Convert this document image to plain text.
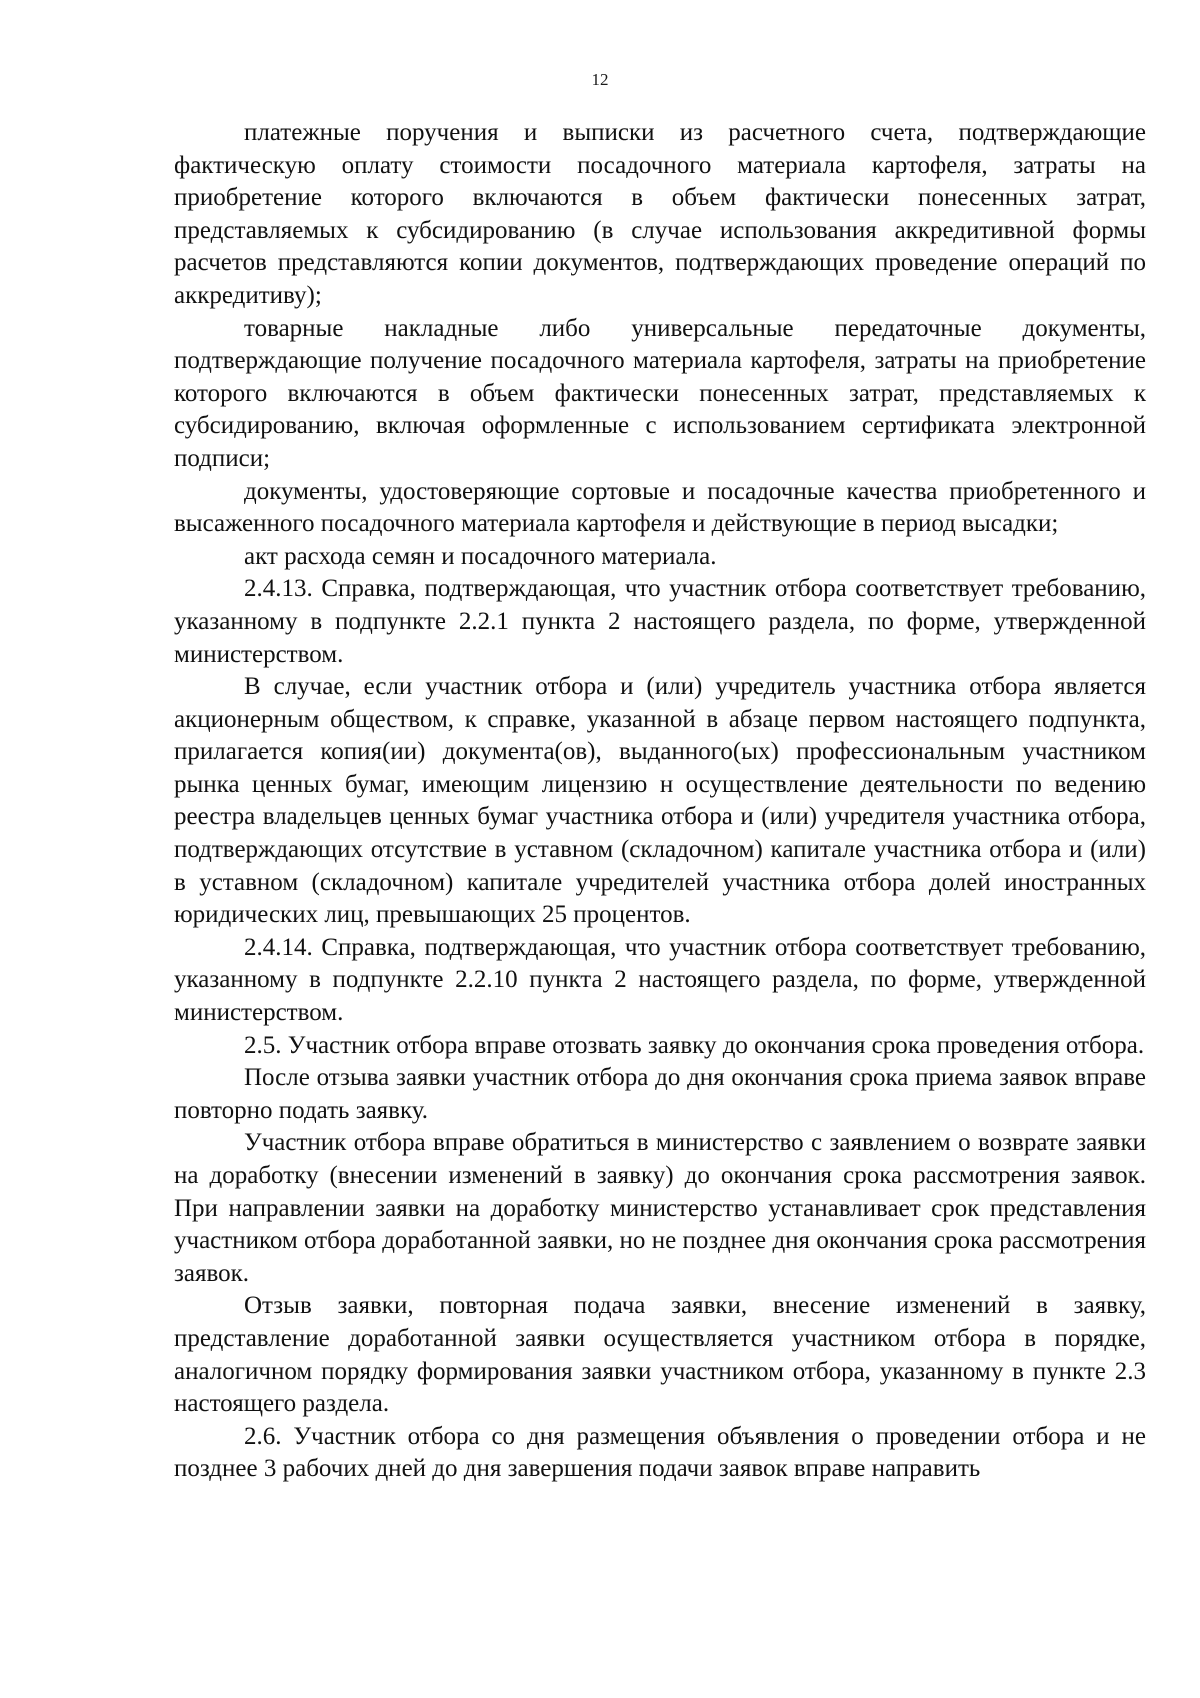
12

платежные поручения и выписки из расчетного счета, подтверждающие фактическую оплату стоимости посадочного материала картофеля, затраты на приобретение которого включаются в объем фактически понесенных затрат, представляемых к субсидированию (в случае использования аккредитивной формы расчетов представляются копии документов, подтверждающих проведение операций по аккредитиву);

товарные накладные либо универсальные передаточные документы, подтверждающие получение посадочного материала картофеля, затраты на приобретение которого включаются в объем фактически понесенных затрат, представляемых к субсидированию, включая оформленные с использованием сертификата электронной подписи;

документы, удостоверяющие сортовые и посадочные качества приобретенного и высаженного посадочного материала картофеля и действующие в период высадки;

акт расхода семян и посадочного материала.

2.4.13. Справка, подтверждающая, что участник отбора соответствует требованию, указанному в подпункте 2.2.1 пункта 2 настоящего раздела, по форме, утвержденной министерством.

В случае, если участник отбора и (или) учредитель участника отбора является акционерным обществом, к справке, указанной в абзаце первом настоящего подпункта, прилагается копия(ии) документа(ов), выданного(ых) профессиональным участником рынка ценных бумаг, имеющим лицензию н осуществление деятельности по ведению реестра владельцев ценных бумаг участника отбора и (или) учредителя участника отбора, подтверждающих отсутствие в уставном (складочном) капитале участника отбора и (или) в уставном (складочном) капитале учредителей участника отбора долей иностранных юридических лиц, превышающих 25 процентов.

2.4.14. Справка, подтверждающая, что участник отбора соответствует требованию, указанному в подпункте 2.2.10 пункта 2 настоящего раздела, по форме, утвержденной министерством.

2.5. Участник отбора вправе отозвать заявку до окончания срока проведения отбора.

После отзыва заявки участник отбора до дня окончания срока приема заявок вправе повторно подать заявку.

Участник отбора вправе обратиться в министерство с заявлением о возврате заявки на доработку (внесении изменений в заявку) до окончания срока рассмотрения заявок. При направлении заявки на доработку министерство устанавливает срок представления участником отбора доработанной заявки, но не позднее дня окончания срока рассмотрения заявок.

Отзыв заявки, повторная подача заявки, внесение изменений в заявку, представление доработанной заявки осуществляется участником отбора в порядке, аналогичном порядку формирования заявки участником отбора, указанному в пункте 2.3 настоящего раздела.

2.6. Участник отбора со дня размещения объявления о проведении отбора и не позднее 3 рабочих дней до дня завершения подачи заявок вправе направить
